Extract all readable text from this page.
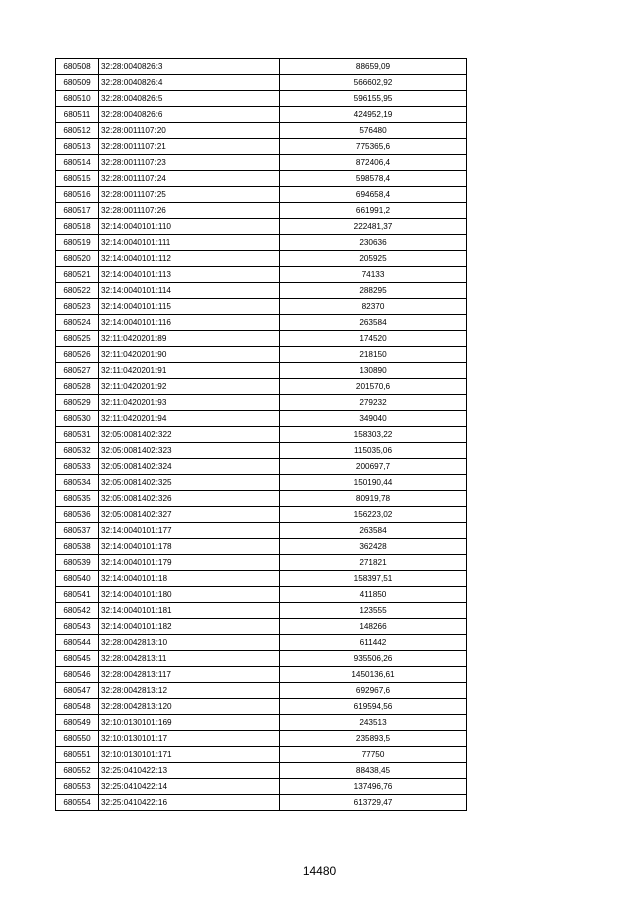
680508	32:28:0040826:3	88659,09
680509	32:28:0040826:4	566602,92
680510	32:28:0040826:5	596155,95
680511	32:28:0040826:6	424952,19
680512	32:28:0011107:20	576480
680513	32:28:0011107:21	775365,6
680514	32:28:0011107:23	872406,4
680515	32:28:0011107:24	598578,4
680516	32:28:0011107:25	694658,4
680517	32:28:0011107:26	661991,2
680518	32:14:0040101:110	222481,37
680519	32:14:0040101:111	230636
680520	32:14:0040101:112	205925
680521	32:14:0040101:113	74133
680522	32:14:0040101:114	288295
680523	32:14:0040101:115	82370
680524	32:14:0040101:116	263584
680525	32:11:0420201:89	174520
680526	32:11:0420201:90	218150
680527	32:11:0420201:91	130890
680528	32:11:0420201:92	201570,6
680529	32:11:0420201:93	279232
680530	32:11:0420201:94	349040
680531	32:05:0081402:322	158303,22
680532	32:05:0081402:323	115035,06
680533	32:05:0081402:324	200697,7
680534	32:05:0081402:325	150190,44
680535	32:05:0081402:326	80919,78
680536	32:05:0081402:327	156223,02
680537	32:14:0040101:177	263584
680538	32:14:0040101:178	362428
680539	32:14:0040101:179	271821
680540	32:14:0040101:18	158397,51
680541	32:14:0040101:180	411850
680542	32:14:0040101:181	123555
680543	32:14:0040101:182	148266
680544	32:28:0042813:10	611442
680545	32:28:0042813:11	935506,26
680546	32:28:0042813:117	1450136,61
680547	32:28:0042813:12	692967,6
680548	32:28:0042813:120	619594,56
680549	32:10:0130101:169	243513
680550	32:10:0130101:17	235893,5
680551	32:10:0130101:171	77750
680552	32:25:0410422:13	88438,45
680553	32:25:0410422:14	137496,76
680554	32:25:0410422:16	613729,47
14480
